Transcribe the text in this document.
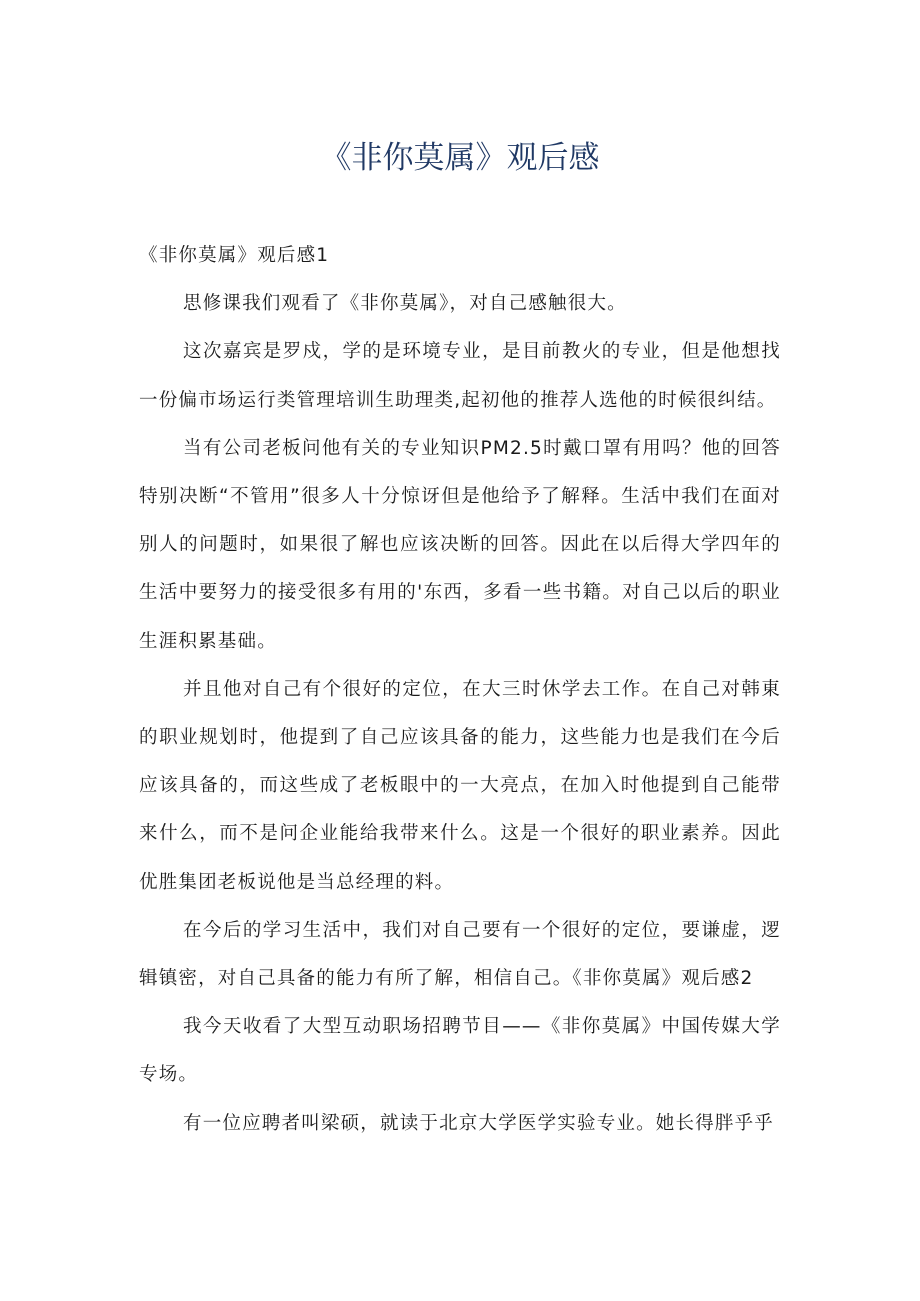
《非你莫属》观后感

《非你莫属》观后感1

思修课我们观看了《非你莫属》，对自己感触很大。

这次嘉宾是罗戍，学的是环境专业，是目前教火的专业，但是他想找一份偏市场运行类管理培训生助理类,起初他的推荐人选他的时候很纠结。

当有公司老板问他有关的专业知识PM2.5时戴口罩有用吗？他的回答特别决断“不管用”很多人十分惊讶但是他给予了解释。生活中我们在面对别人的问题时，如果很了解也应该决断的回答。因此在以后得大学四年的生活中要努力的接受很多有用的'东西，多看一些书籍。对自己以后的职业生涯积累基础。

并且他对自己有个很好的定位，在大三时休学去工作。在自己对韩東的职业规划时，他提到了自己应该具备的能力，这些能力也是我们在今后应该具备的，而这些成了老板眼中的一大亮点，在加入时他提到自己能带来什么，而不是问企业能给我带来什么。这是一个很好的职业素养。因此优胜集团老板说他是当总经理的料。

在今后的学习生活中，我们对自己要有一个很好的定位，要谦虚，逻辑镇密，对自己具备的能力有所了解，相信自己。《非你莫属》观后感2

我今天收看了大型互动职场招聘节目——《非你莫属》中国传媒大学专场。

有一位应聘者叫梁硕，就读于北京大学医学实验专业。她长得胖乎乎
